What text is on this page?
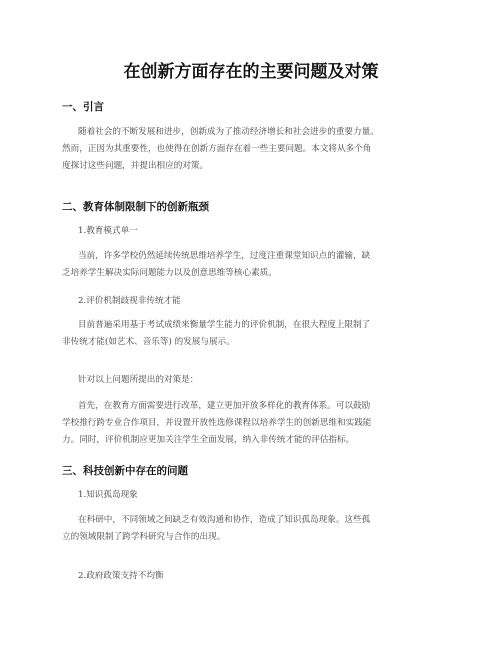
在创新方面存在的主要问题及对策
一、引言
随着社会的不断发展和进步，创新成为了推动经济增长和社会进步的重要力量。
然而，正因为其重要性，也使得在创新方面存在着一些主要问题。本文将从多个角
度探讨这些问题，并提出相应的对策。
二、教育体制限制下的创新瓶颈
1.教育模式单一
当前，许多学校仍然延续传统思维培养学生，过度注重课堂知识点的灌输，缺
乏培养学生解决实际问题能力以及创意思维等核心素质。
2.评价机制歧视非传统才能
目前普遍采用基于考试成绩来衡量学生能力的评价机制，在很大程度上限制了
非传统才能(如艺术、音乐等) 的发展与展示。
针对以上问题所提出的对策是：
首先，在教育方面需要进行改革，建立更加开放多样化的教育体系。可以鼓励
学校推行跨专业合作项目，并设置开放性选修课程以培养学生的创新思维和实践能
力。同时，评价机制应更加关注学生全面发展，纳入非传统才能的评估指标。
三、科技创新中存在的问题
1.知识孤岛现象
在科研中，不同领域之间缺乏有效沟通和协作，造成了知识孤岛现象。这些孤
立的领域限制了跨学科研究与合作的出现。
2.政府政策支持不均衡
